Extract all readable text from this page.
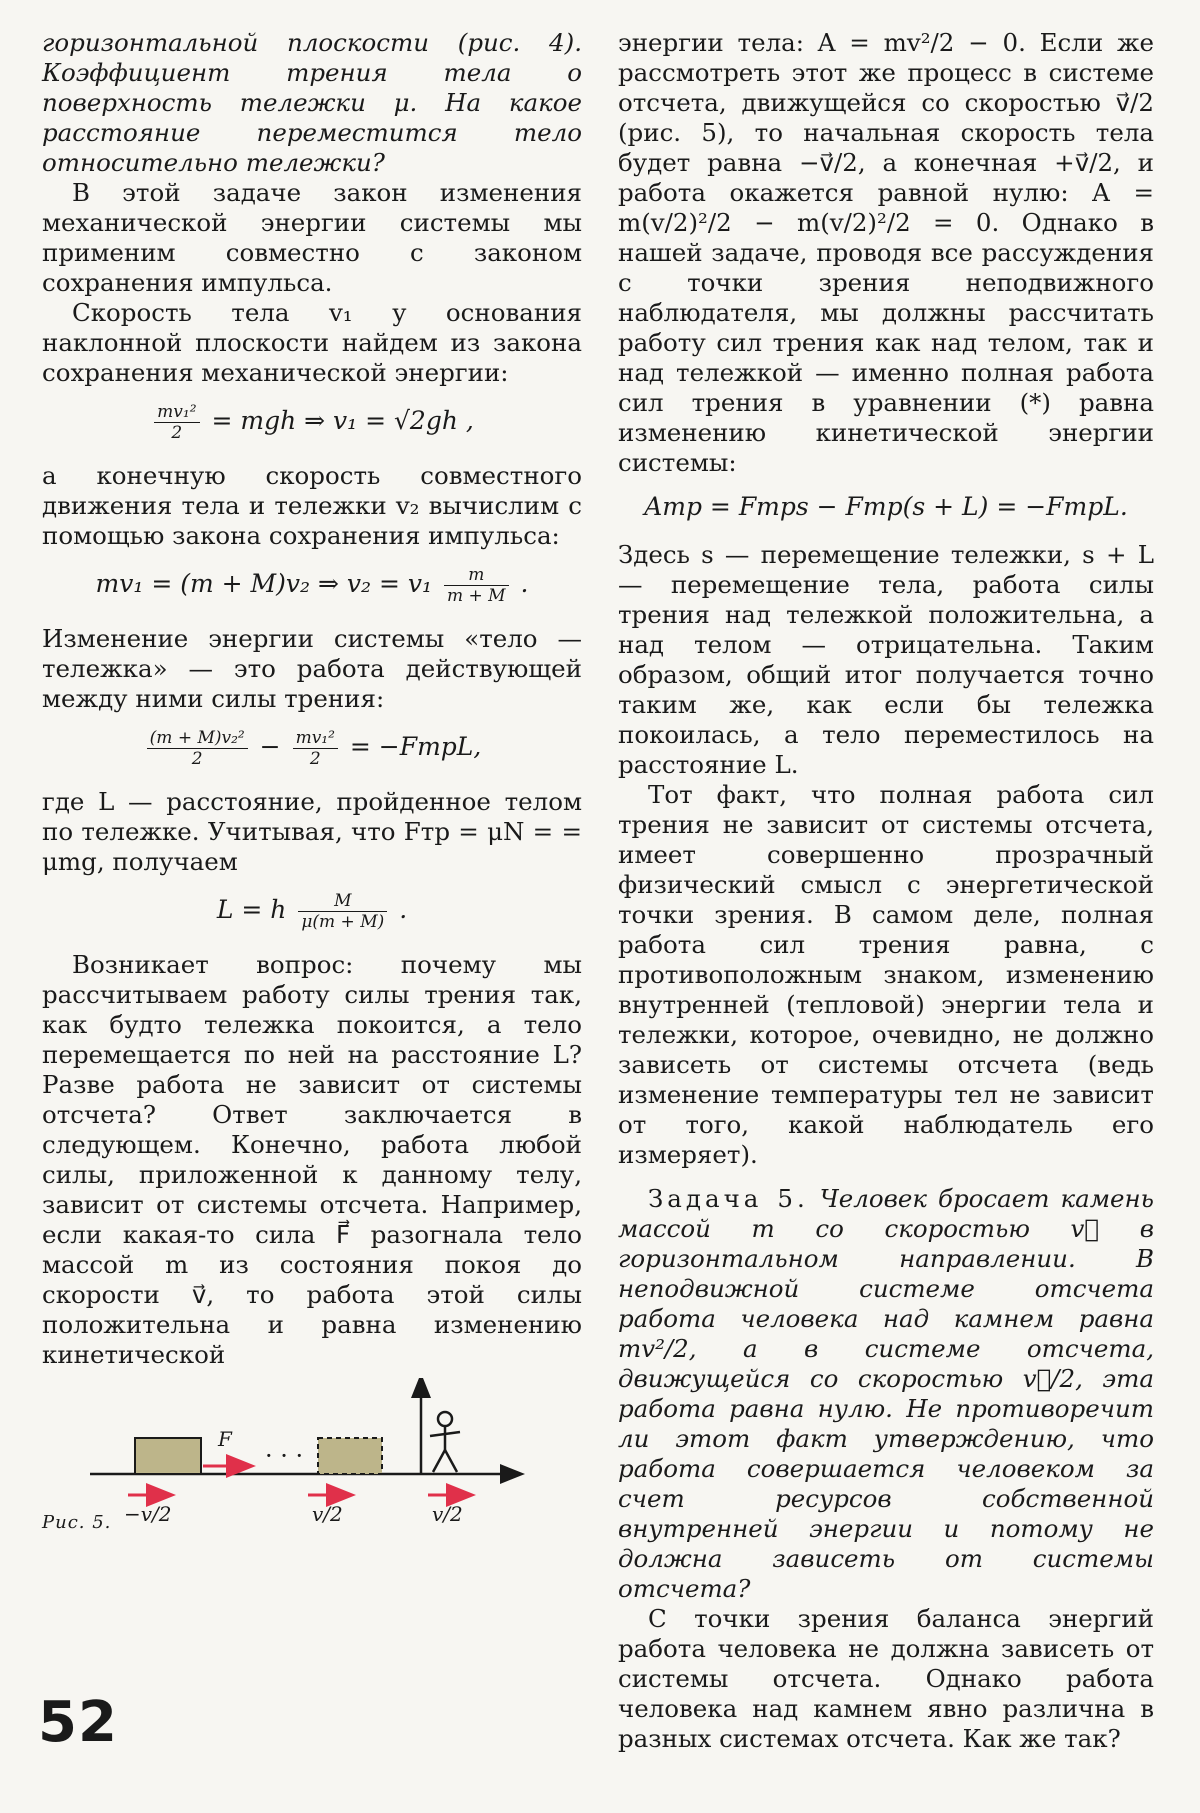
горизонтальной плоскости (рис. 4). Коэффициент трения тела о поверхность тележки μ. На какое расстояние переместится тело относительно тележки?

В этой задаче закон изменения механической энергии системы мы применим совместно с законом сохранения импульса.

Скорость тела v₁ у основания наклонной плоскости найдем из закона сохранения механической энергии:

$\frac{\text{mv₁²}}{2}$ = mgh ⇒ v₁ = √2gh ,

а конечную скорость совместного движения тела и тележки v₂ вычислим с помощью закона сохранения импульса:

mv₁ = (m + M)v₂ ⇒ $v_2 = v_1 \frac{m}{m + M}$ .

Изменение энергии системы «тело — тележка» — это работа действующей между ними силы трения:

$\frac{\text{(m + M)v₂²}}{2} - \frac{\text{mv₁²}}{2}$ = −FтрL,

где L — расстояние, пройденное телом по тележке. Учитывая, что Fтр = μN = = μmg, получаем

L = h $\frac{M}{\mu(m + M)}$ .

Возникает вопрос: почему мы рассчитываем работу силы трения так, как будто тележка покоится, а тело перемещается по ней на расстояние L? Разве работа не зависит от системы отсчета? Ответ заключается в следующем. Конечно, работа любой силы, приложенной к данному телу, зависит от системы отсчета. Например, если какая-то сила F⃗ разогнала тело массой m из состояния покоя до скорости v⃗, то работа этой силы положительна и равна изменению кинетической

энергии тела: A = mv²/2 − 0. Если же рассмотреть этот же процесс в системе отсчета, движущейся со скоростью v⃗/2 (рис. 5), то начальная скорость тела будет равна −v⃗/2, а конечная +v⃗/2, и работа окажется равной нулю: A = m(v/2)²/2 − m(v/2)²/2 = 0. Однако в нашей задаче, проводя все рассуждения с точки зрения неподвижного наблюдателя, мы должны рассчитать работу сил трения как над телом, так и над тележкой — именно полная работа сил трения в уравнении (*) равна изменению кинетической энергии системы:

Aтр = Fтрs − Fтр(s + L) = −FтрL.

Здесь s — перемещение тележки, s + L — перемещение тела, работа силы трения над тележкой положительна, а над телом — отрицательна. Таким образом, общий итог получается точно таким же, как если бы тележка покоилась, а тело переместилось на расстояние L.

Тот факт, что полная работа сил трения не зависит от системы отсчета, имеет совершенно прозрачный физический смысл с энергетической точки зрения. В самом деле, полная работа сил трения равна, с противоположным знаком, изменению внутренней (тепловой) энергии тела и тележки, которое, очевидно, не должно зависеть от системы отсчета (ведь изменение температуры тел не зависит от того, какой наблюдатель его измеряет).

Задача 5. Человек бросает камень массой m со скоростью v⃗ в горизонтальном направлении. В неподвижной системе отсчета работа человека над камнем равна mv²/2, а в системе отсчета, движущейся со скоростью v⃗/2, эта работа равна нулю. Не противоречит ли этот факт утверждению, что работа совершается человеком за счет ресурсов собственной внутренней энергии и потому не должна зависеть от системы отсчета?

С точки зрения баланса энергий работа человека не должна зависеть от системы отсчета. Однако работа человека над камнем явно различна в разных системах отсчета. Как же так?

F
· · ·
−v/2	v/2	v/2
Рис. 5.
52
